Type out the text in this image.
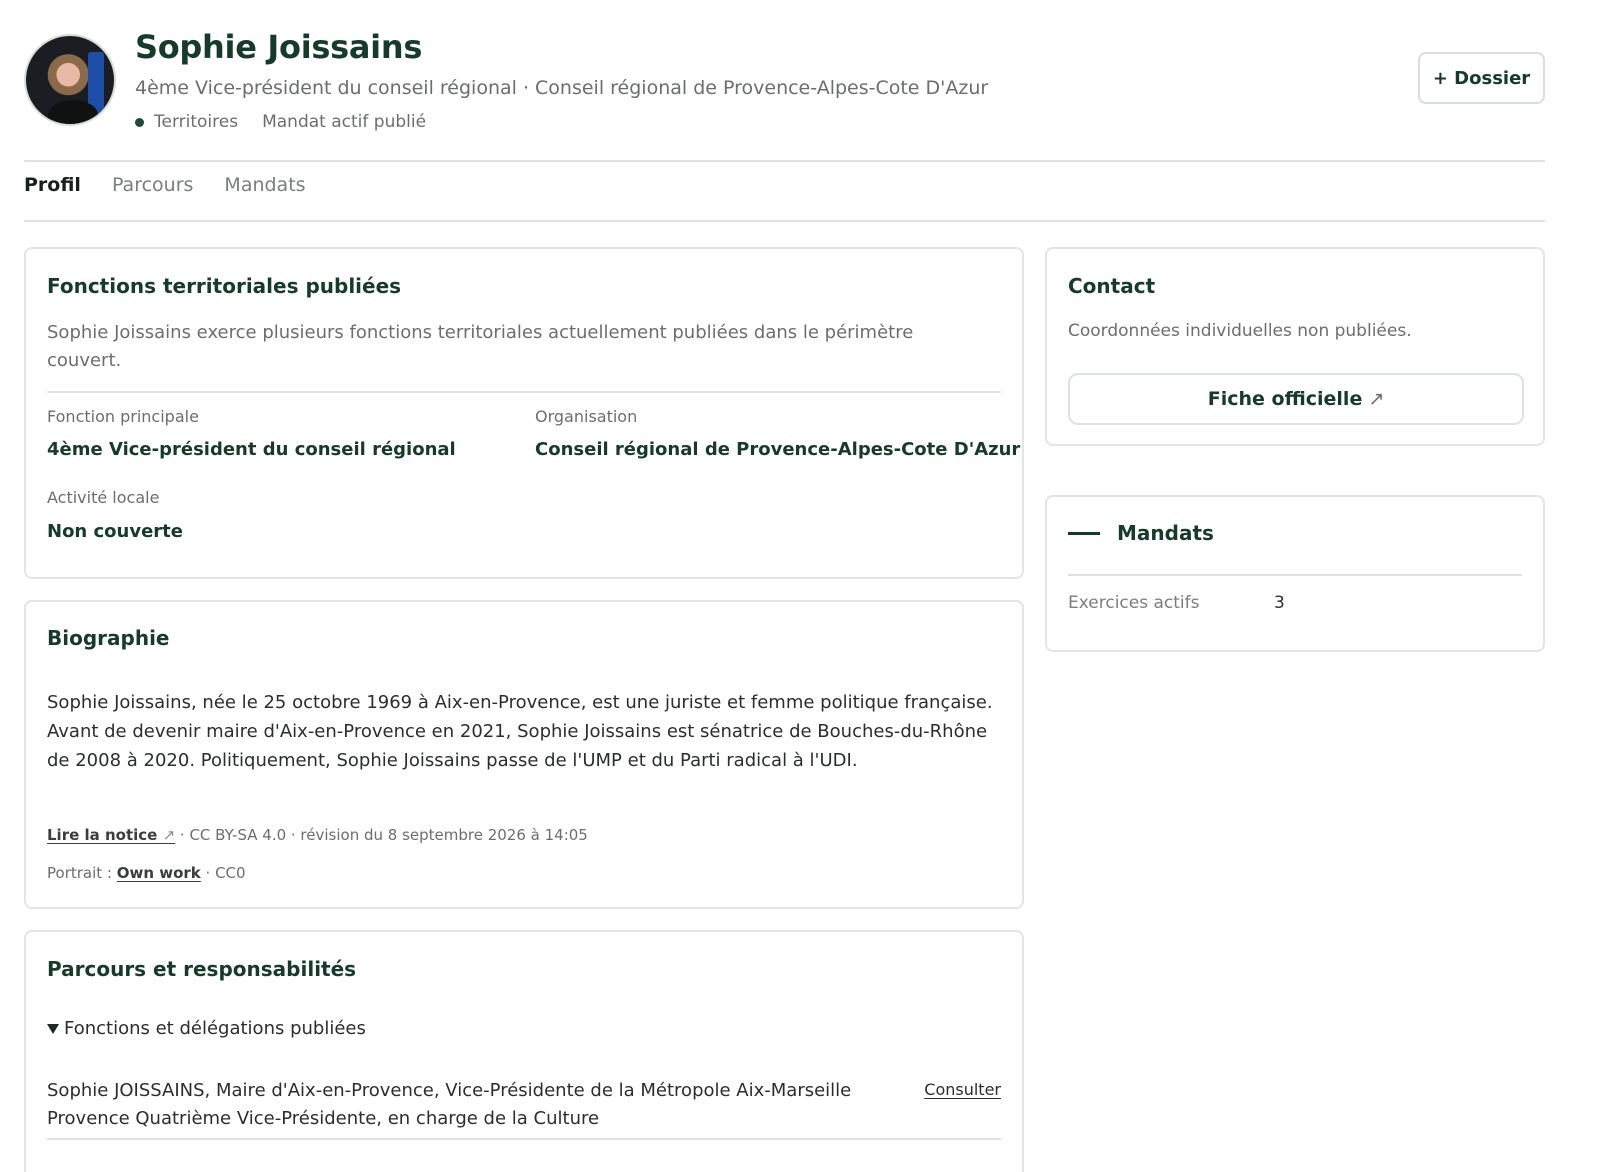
Sophie Joissains
4ème Vice-président du conseil régional · Conseil régional de Provence-Alpes-Cote D'Azur
Territoires Mandat actif publié
+ Dossier
Profil Parcours Mandats
Fonctions territoriales publiées

Sophie Joissains exerce plusieurs fonctions territoriales actuellement publiées dans le périmètre couvert.

Fonction principale
4ème Vice-président du conseil régional
Organisation
Conseil régional de Provence-Alpes-Cote D'Azur
Activité locale
Non couverte
Biographie

Sophie Joissains, née le 25 octobre 1969 à Aix-en-Provence, est une juriste et femme politique française. Avant de devenir maire d'Aix-en-Provence en 2021, Sophie Joissains est sénatrice de Bouches-du-Rhône de 2008 à 2020. Politiquement, Sophie Joissains passe de l'UMP et du Parti radical à l'UDI.

Lire la notice ↗ · CC BY-SA 4.0 · révision du 8 septembre 2026 à 14:05
Portrait : Own work · CC0
Parcours et responsabilités
Fonctions et délégations publiées

Sophie JOISSAINS, Maire d'Aix-en-Provence, Vice-Présidente de la Métropole Aix-Marseille Provence Quatrième Vice-Présidente, en charge de la Culture

Consulter
Contact

Coordonnées individuelles non publiées.

Fiche officielle ↗
Mandats
Exercices actifs	3
